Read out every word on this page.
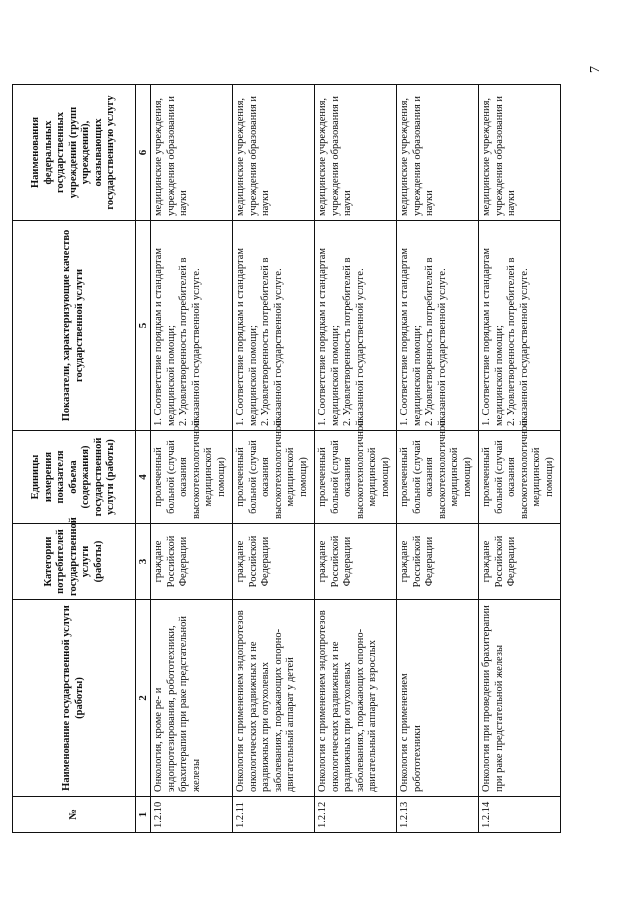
№	Наименование государственной услуги (работы)	Категории потребителей государственной услуги (работы)	Единицы измерения показателя объема (содержания) государственной услуги (работы)	Показатели, характеризующие качество государственной услуги	Наименования федеральных государственных учреждений (групп учреждений), оказывающих государственную услугу
1	2	3	4	5	6
1.2.10	Онкология, кроме ре- и эндопротезирования, робототехники, брахитерапии при раке предстательной железы	граждане Российской Федерации	пролеченный больной (случай оказания высокотехнологичной медицинской помощи)	1. Соответствие порядкам и стандартам медицинской помощи; 2. Удовлетворенность потребителей в оказанной государственной услуге.	медицинские учреждения, учреждения образования и науки
1.2.11	Онкология с применением эндопротезов онкологических раздвижных и не раздвижных при опухолевых заболеваниях, поражающих опорно-двигательный аппарат у детей	граждане Российской Федерации	пролеченный больной (случай оказания высокотехнологичной медицинской помощи)	1. Соответствие порядкам и стандартам медицинской помощи; 2. Удовлетворенность потребителей в оказанной государственной услуге.	медицинские учреждения, учреждения образования и науки
1.2.12	Онкология с применением эндопротезов онкологических раздвижных и не раздвижных при опухолевых заболеваниях, поражающих опорно-двигательный аппарат у взрослых	граждане Российской Федерации	пролеченный больной (случай оказания высокотехнологичной медицинской помощи)	1. Соответствие порядкам и стандартам медицинской помощи; 2. Удовлетворенность потребителей в оказанной государственной услуге.	медицинские учреждения, учреждения образования и науки
1.2.13	Онкология с применением робототехники	граждане Российской Федерации	пролеченный больной (случай оказания высокотехнологичной медицинской помощи)	1. Соответствие порядкам и стандартам медицинской помощи; 2. Удовлетворенность потребителей в оказанной государственной услуге.	медицинские учреждения, учреждения образования и науки
1.2.14	Онкология при проведении брахитерапии при раке предстательной железы	граждане Российской Федерации	пролеченный больной (случай оказания высокотехнологичной медицинской помощи)	1. Соответствие порядкам и стандартам медицинской помощи; 2. Удовлетворенность потребителей в оказанной государственной услуге.	медицинские учреждения, учреждения образования и науки
7
